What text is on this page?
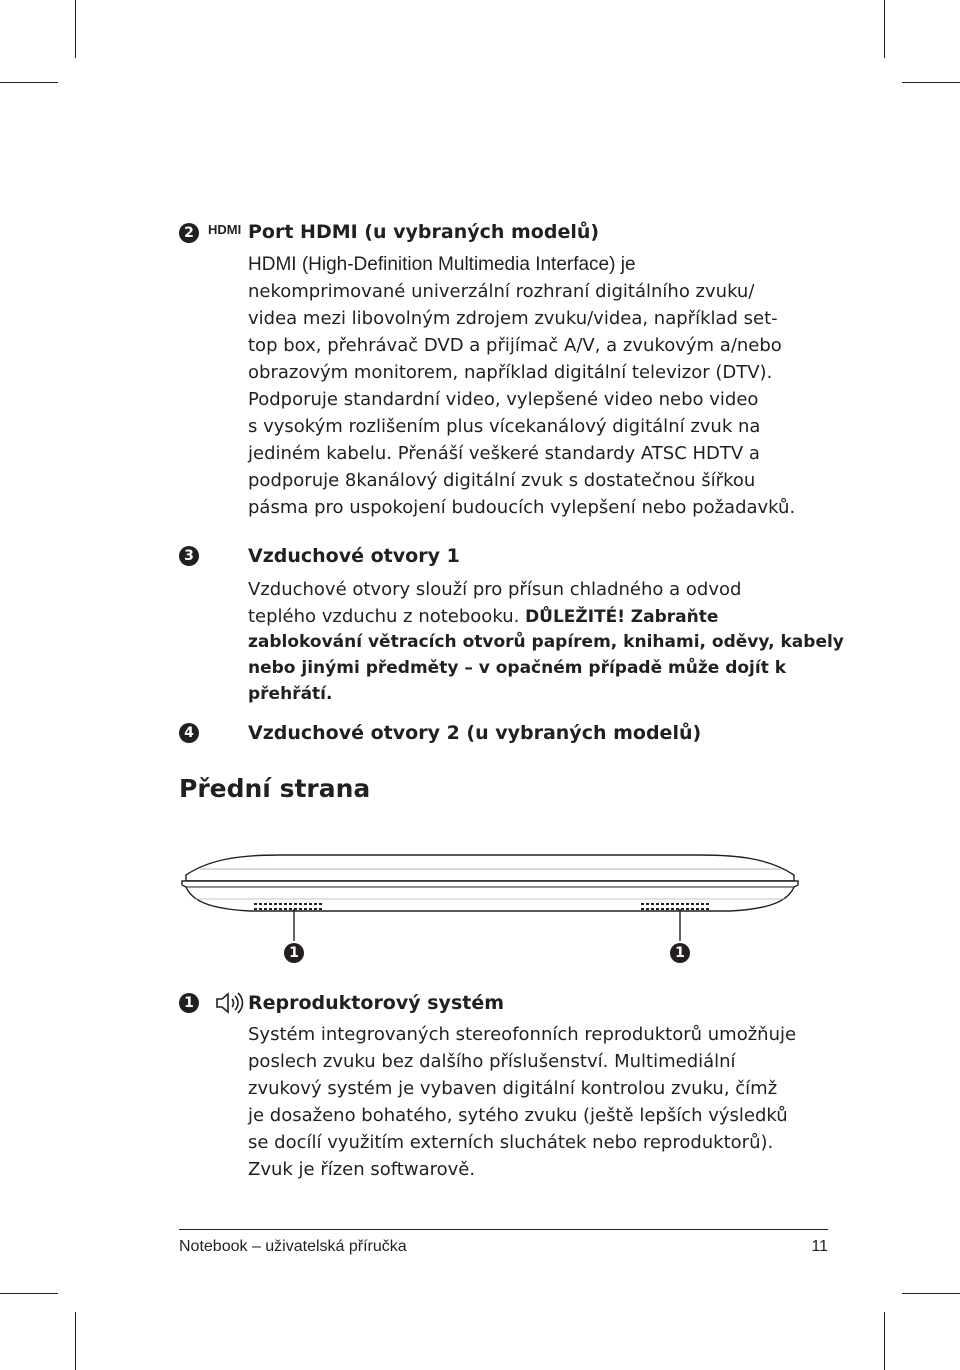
2	HDMI Port HDMI (u vybraných modelů)
HDMI (High-Definition Multimedia Interface) je
nekomprimované univerzální rozhraní digitálního zvuku/
videa mezi libovolným zdrojem zvuku/videa, například set-
top box, přehrávač DVD a přijímač A/V, a zvukovým a/nebo
obrazovým monitorem, například digitální televizor (DTV).
Podporuje standardní video, vylepšené video nebo video
s vysokým rozlišením plus vícekanálový digitální zvuk na
jediném kabelu. Přenáší veškeré standardy ATSC HDTV a
podporuje 8kanálový digitální zvuk s dostatečnou šířkou
pásma pro uspokojení budoucích vylepšení nebo požadavků.
3	Vzduchové otvory 1
Vzduchové otvory slouží pro přísun chladného a odvod
teplého vzduchu z notebooku. DŮLEŽITÉ! Zabraňte
zablokování větracích otvorů papírem, knihami, oděvy, kabely
nebo jinými předměty – v opačném případě může dojít k
přehřátí.
4	Vzduchové otvory 2 (u vybraných modelů)
Přední strana
1	1
1	Reproduktorový systém
Systém integrovaných stereofonních reproduktorů umožňuje
poslech zvuku bez dalšího příslušenství. Multimediální
zvukový systém je vybaven digitální kontrolou zvuku, čímž
je dosaženo bohatého, sytého zvuku (ještě lepších výsledků
se docílí využitím externích sluchátek nebo reproduktorů).
Zvuk je řízen softwarově.
Notebook – uživatelská příručka	11
